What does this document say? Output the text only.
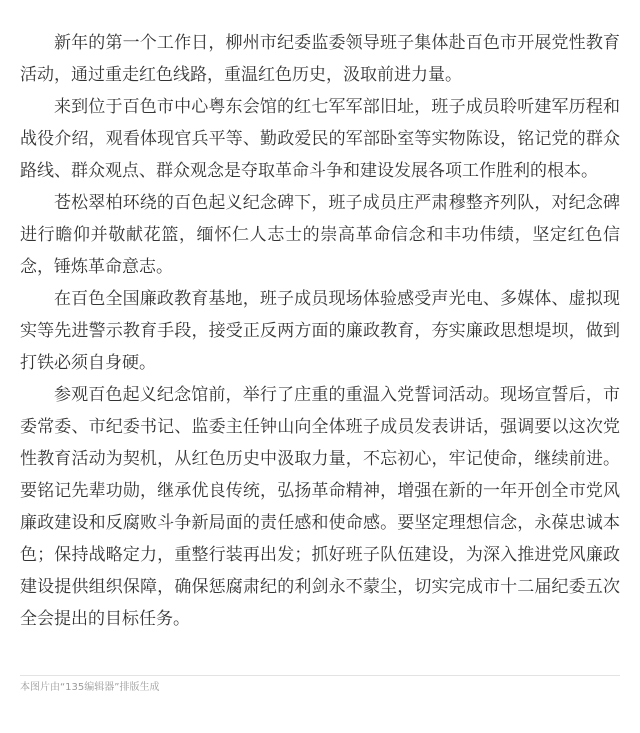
新年的第一个工作日，柳州市纪委监委领导班子集体赴百色市开展党性教育活动，通过重走红色线路，重温红色历史，汲取前进力量。

来到位于百色市中心粤东会馆的红七军军部旧址，班子成员聆听建军历程和战役介绍，观看体现官兵平等、勤政爱民的军部卧室等实物陈设，铭记党的群众路线、群众观点、群众观念是夺取革命斗争和建设发展各项工作胜利的根本。

苍松翠柏环绕的百色起义纪念碑下，班子成员庄严肃穆整齐列队，对纪念碑进行瞻仰并敬献花篮，缅怀仁人志士的崇高革命信念和丰功伟绩，坚定红色信念，锤炼革命意志。

在百色全国廉政教育基地，班子成员现场体验感受声光电、多媒体、虚拟现实等先进警示教育手段，接受正反两方面的廉政教育，夯实廉政思想堤坝，做到打铁必须自身硬。

参观百色起义纪念馆前，举行了庄重的重温入党誓词活动。现场宣誓后，市委常委、市纪委书记、监委主任钟山向全体班子成员发表讲话，强调要以这次党性教育活动为契机，从红色历史中汲取力量，不忘初心，牢记使命，继续前进。要铭记先辈功勋，继承优良传统，弘扬革命精神，增强在新的一年开创全市党风廉政建设和反腐败斗争新局面的责任感和使命感。要坚定理想信念，永葆忠诚本色；保持战略定力，重整行装再出发；抓好班子队伍建设，为深入推进党风廉政建设提供组织保障，确保惩腐肃纪的利剑永不蒙尘，切实完成市十二届纪委五次全会提出的目标任务。

本图片由“135编辑器”排版生成
